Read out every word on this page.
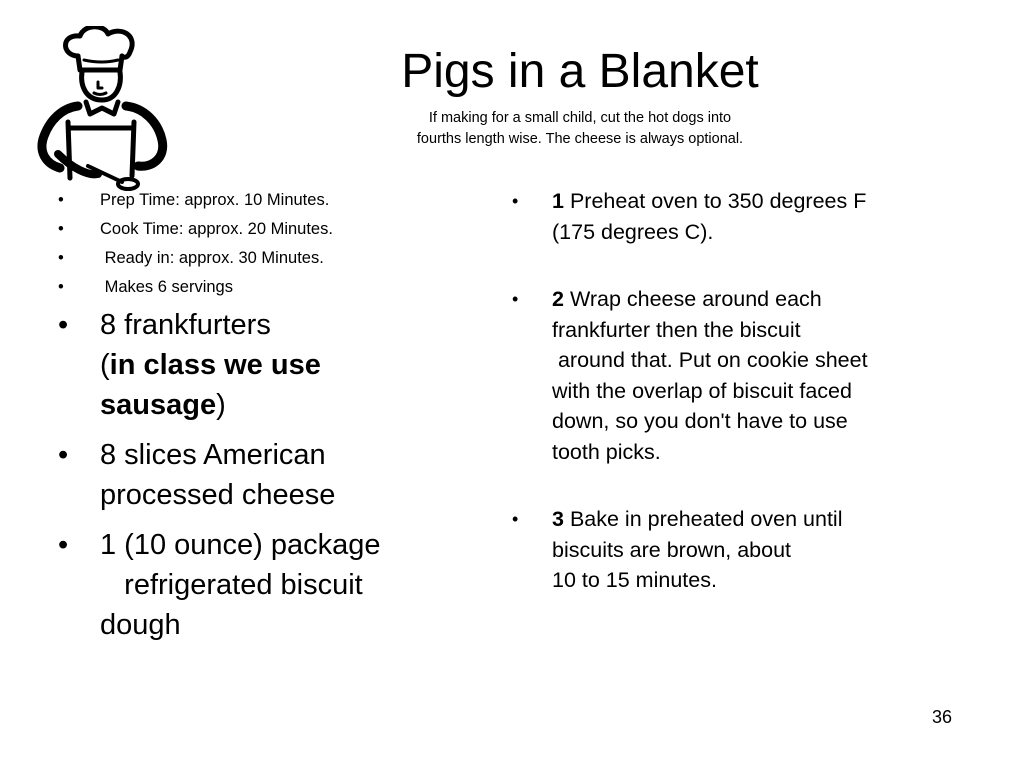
Pigs in a Blanket
If making for a small child, cut the hot dogs into
fourths length wise. The cheese is always optional.
•	Prep Time: approx. 10 Minutes.
•	Cook Time: approx. 20 Minutes.
•	Ready in: approx. 30 Minutes.
•	Makes 6 servings
•	8 frankfurters
(in class we use
sausage)
•	8 slices American
processed cheese
•	1 (10 ounce) package
refrigerated biscuit
dough
•	1 Preheat oven to 350 degrees F
(175 degrees C).
•	2 Wrap cheese around each
frankfurter then the biscuit
around that. Put on cookie sheet
with the overlap of biscuit faced
down, so you don't have to use
tooth picks.
•	3 Bake in preheated oven until
biscuits are brown, about
10 to 15 minutes.
36
